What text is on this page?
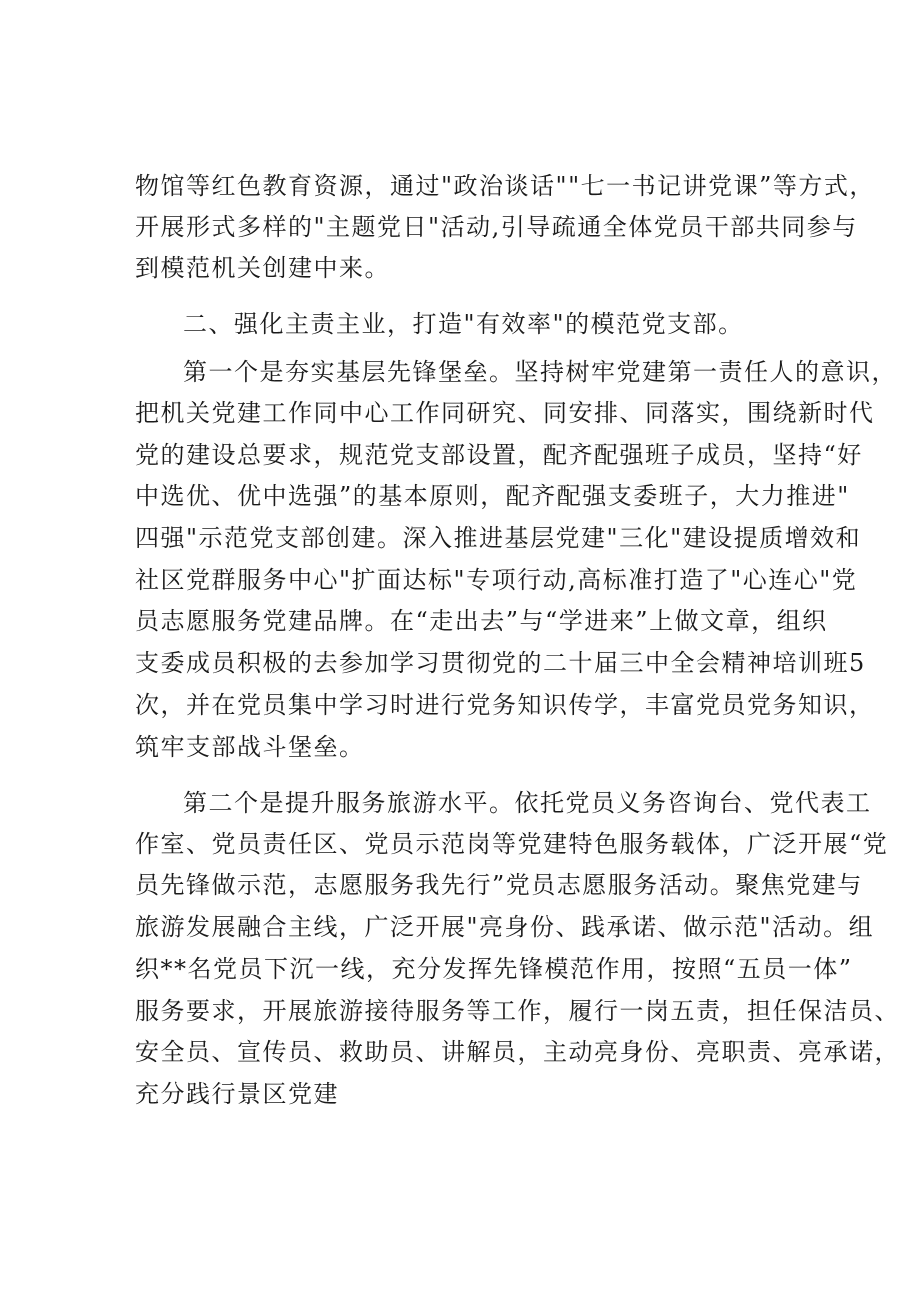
物馆等红色教育资源，通过"政治谈话""七一书记讲党课”等方式，
开展形式多样的"主题党日"活动,引导疏通全体党员干部共同参与
到模范机关创建中来。
二、强化主责主业，打造"有效率"的模范党支部。
第一个是夯实基层先锋堡垒。坚持树牢党建第一责任人的意识，
把机关党建工作同中心工作同研究、同安排、同落实，围绕新时代
党的建设总要求，规范党支部设置，配齐配强班子成员，坚持“好
中选优、优中选强”的基本原则，配齐配强支委班子，大力推进"
四强"示范党支部创建。深入推进基层党建"三化"建设提质增效和
社区党群服务中心"扩面达标"专项行动,高标准打造了"心连心"党
员志愿服务党建品牌。在“走出去”与“学进来”上做文章，组织
支委成员积极的去参加学习贯彻党的二十届三中全会精神培训班5
次，并在党员集中学习时进行党务知识传学，丰富党员党务知识，
筑牢支部战斗堡垒。
第二个是提升服务旅游水平。依托党员义务咨询台、党代表工
作室、党员责任区、党员示范岗等党建特色服务载体，广泛开展“党
员先锋做示范，志愿服务我先行”党员志愿服务活动。聚焦党建与
旅游发展融合主线，广泛开展"亮身份、践承诺、做示范"活动。组
织**名党员下沉一线，充分发挥先锋模范作用，按照“五员一体”
服务要求，开展旅游接待服务等工作，履行一岗五责，担任保洁员、
安全员、宣传员、救助员、讲解员，主动亮身份、亮职责、亮承诺，
充分践行景区党建
